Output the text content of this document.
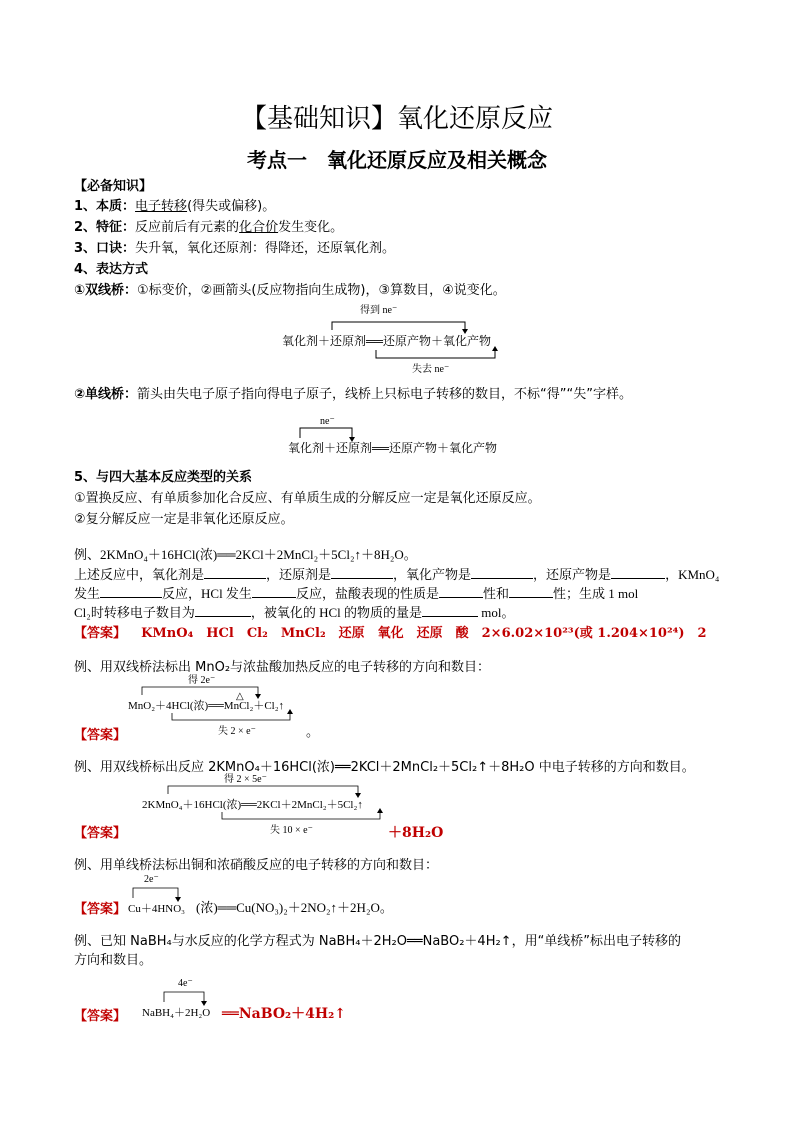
【基础知识】氧化还原反应
考点一　氧化还原反应及相关概念
【必备知识】
1、本质：电子转移(得失或偏移)。
2、特征：反应前后有元素的化合价发生变化。
3、口诀：失升氧，氧化还原剂：得降还，还原氧化剂。
4、表达方式
①双线桥：①标变价，②画箭头(反应物指向生成物)，③算数目，④说变化。
得到 ne⁻
氧化剂＋还原剂══还原产物＋氧化产物
失去 ne⁻
②单线桥：箭头由失电子原子指向得电子原子，线桥上只标电子转移的数目，不标“得”“失”字样。
ne⁻
氧化剂＋还原剂══还原产物＋氧化产物
5、与四大基本反应类型的关系
①置换反应、有单质参加化合反应、有单质生成的分解反应一定是氧化还原反应。
②复分解反应一定是非氧化还原反应。
例、2KMnO₄＋16HCl(浓)══2KCl＋2MnCl₂＋5Cl₂↑＋8H₂O。
上述反应中，氧化剂是	，还原剂是	，氧化产物是	，还原产物是	，KMnO₄
发生	反应，HCl 发生	反应，盐酸表现的性质是	性和	性；生成 1 mol
Cl₂时转移电子数目为	，被氧化的 HCl 的物质的量是	mol。
【答案】 KMnO₄　HCl　Cl₂　MnCl₂　还原　氧化　还原　酸　2×6.02×10²³(或 1.204×10²⁴)　2
例、用双线桥法标出 MnO₂与浓盐酸加热反应的电子转移的方向和数目：
【答案】
得 2e⁻
△
MnO₂＋4HCl(浓)══MnCl₂＋Cl₂↑
失 2 × e⁻	。
例、用双线桥标出反应 2KMnO₄＋16HCl(浓)══2KCl＋2MnCl₂＋5Cl₂↑＋8H₂O 中电子转移的方向和数目。
【答案】
得 2 × 5e⁻
2KMnO₄＋16HCl(浓)══2KCl＋2MnCl₂＋5Cl₂↑
失 10 × e⁻	＋8H₂O
例、用单线桥法标出铜和浓硝酸反应的电子转移的方向和数目：
【答案】
2e⁻
Cu＋4HNO₃ (浓)══Cu(NO₃)₂＋2NO₂↑＋2H₂O。
例、已知 NaBH₄与水反应的化学方程式为 NaBH₄＋2H₂O══NaBO₂＋4H₂↑，用“单线桥”标出电子转移的
方向和数目。
【答案】
4e⁻
NaBH₄＋2H₂O ══NaBO₂＋4H₂↑
